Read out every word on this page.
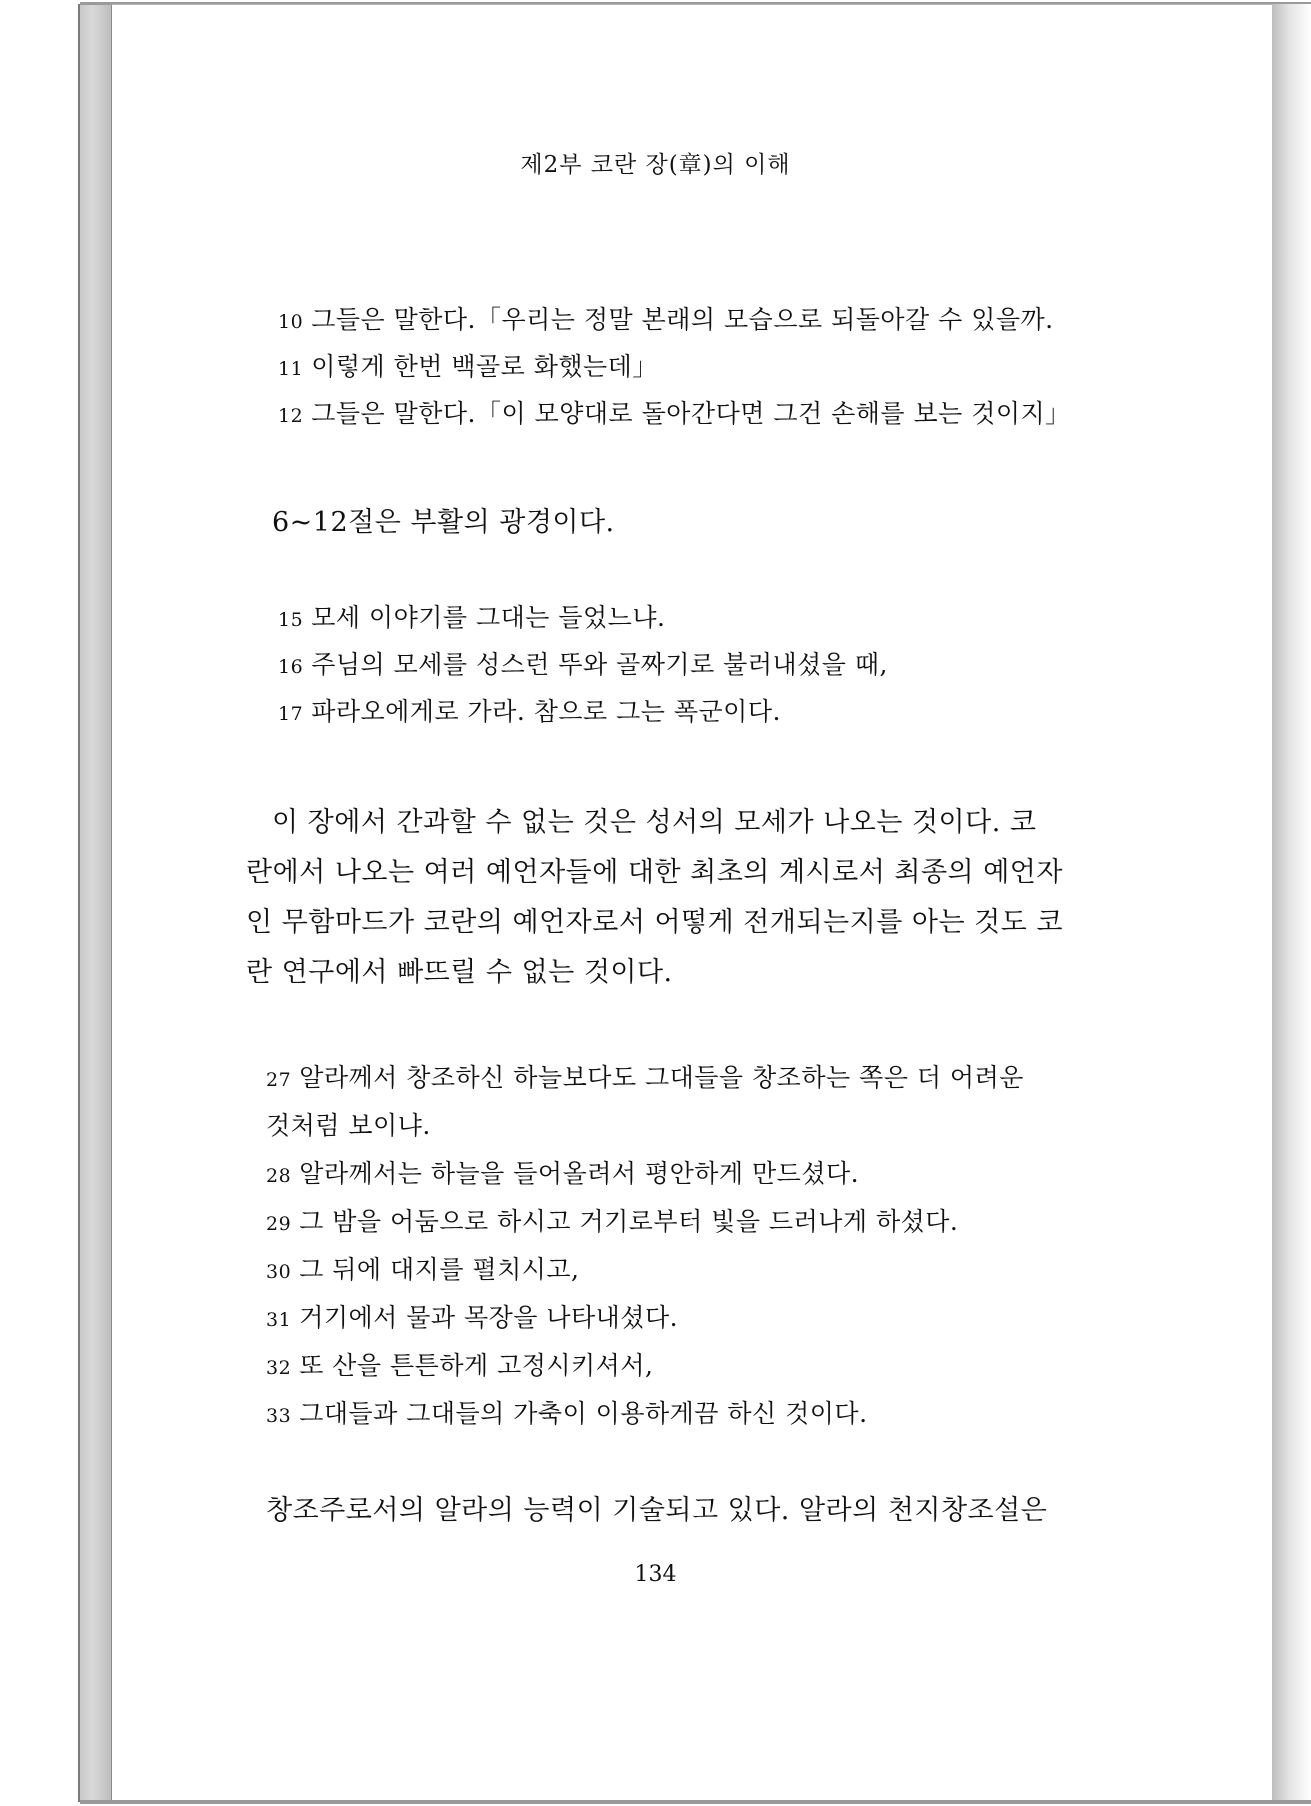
제2부 코란 장(章)의 이해
10 그들은 말한다.「우리는 정말 본래의 모습으로 되돌아갈 수 있을까.
11 이렇게 한번 백골로 화했는데」
12 그들은 말한다.「이 모양대로 돌아간다면 그건 손해를 보는 것이지」
6~12절은 부활의 광경이다.
15 모세 이야기를 그대는 들었느냐.
16 주님의 모세를 성스런 뚜와 골짜기로 불러내셨을 때,
17 파라오에게로 가라. 참으로 그는 폭군이다.
이 장에서 간과할 수 없는 것은 성서의 모세가 나오는 것이다. 코
란에서 나오는 여러 예언자들에 대한 최초의 계시로서 최종의 예언자
인 무함마드가 코란의 예언자로서 어떻게 전개되는지를 아는 것도 코
란 연구에서 빠뜨릴 수 없는 것이다.
27 알라께서 창조하신 하늘보다도 그대들을 창조하는 쪽은 더 어려운
것처럼 보이냐.
28 알라께서는 하늘을 들어올려서 평안하게 만드셨다.
29 그 밤을 어둠으로 하시고 거기로부터 빛을 드러나게 하셨다.
30 그 뒤에 대지를 펼치시고,
31 거기에서 물과 목장을 나타내셨다.
32 또 산을 튼튼하게 고정시키셔서,
33 그대들과 그대들의 가축이 이용하게끔 하신 것이다.
창조주로서의 알라의 능력이 기술되고 있다. 알라의 천지창조설은
134
